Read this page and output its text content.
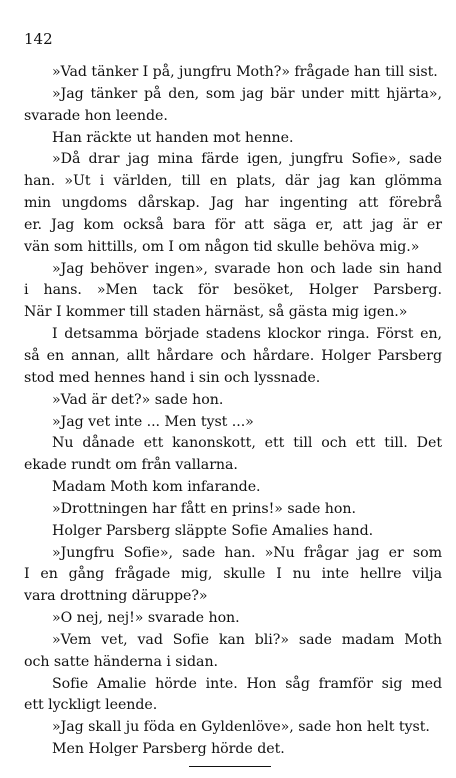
142
»Vad tänker I på, jungfru Moth?» frågade han till sist.
»Jag tänker på den, som jag bär under mitt hjärta»,
svarade hon leende.
Han räckte ut handen mot henne.
»Då drar jag mina färde igen, jungfru Sofie», sade
han. »Ut i världen, till en plats, där jag kan glömma
min ungdoms dårskap. Jag har ingenting att förebrå
er. Jag kom också bara för att säga er, att jag är er
vän som hittills, om I om någon tid skulle behöva mig.»
»Jag behöver ingen», svarade hon och lade sin hand
i hans. »Men tack för besöket, Holger Parsberg.
När I kommer till staden härnäst, så gästa mig igen.»
I detsamma började stadens klockor ringa. Först en,
så en annan, allt hårdare och hårdare. Holger Parsberg
stod med hennes hand i sin och lyssnade.
»Vad är det?» sade hon.
»Jag vet inte ... Men tyst ...»
Nu dånade ett kanonskott, ett till och ett till. Det
ekade rundt om från vallarna.
Madam Moth kom infarande.
»Drottningen har fått en prins!» sade hon.
Holger Parsberg släppte Sofie Amalies hand.
»Jungfru Sofie», sade han. »Nu frågar jag er som
I en gång frågade mig, skulle I nu inte hellre vilja
vara drottning däruppe?»
»O nej, nej!» svarade hon.
»Vem vet, vad Sofie kan bli?» sade madam Moth
och satte händerna i sidan.
Sofie Amalie hörde inte. Hon såg framför sig med
ett lyckligt leende.
»Jag skall ju föda en Gyldenlöve», sade hon helt tyst.
Men Holger Parsberg hörde det.
